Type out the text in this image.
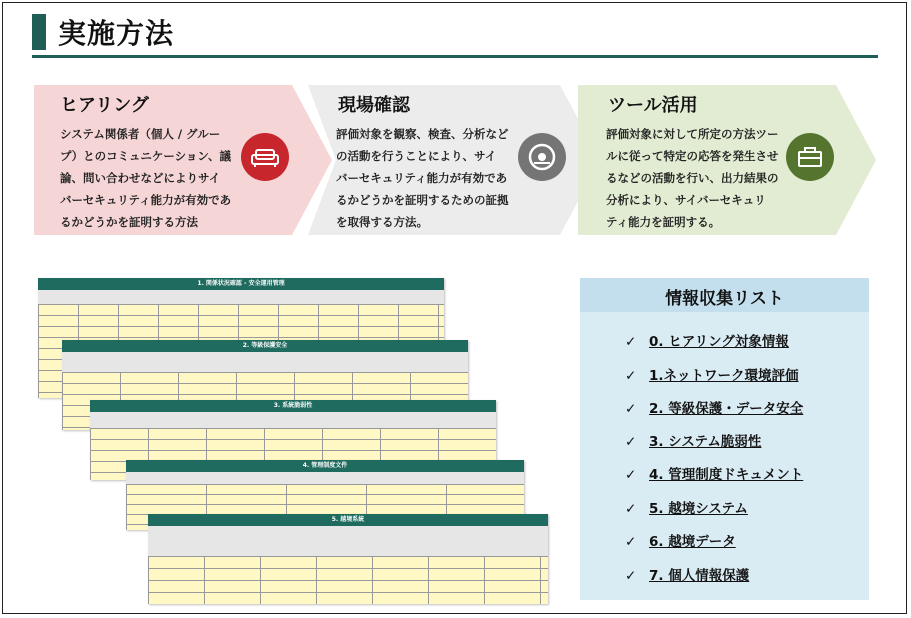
実施方法
ヒアリング

システム関係者（個人 / グルー
プ）とのコミュニケーション、議
論、問い合わせなどによりサイ
バーセキュリティ能力が有効であ
るかどうかを証明する方法

現場確認

評価対象を観察、検査、分析など
の活動を行うことにより、サイ
バーセキュリティ能力が有効であ
るかどうかを証明するための証拠
を取得する方法。

ツール活用

評価対象に対して所定の方法ツー
ルに従って特定の応答を発生させ
るなどの活動を行い、出力結果の
分析により、サイバーセキュリ
ティ能力を証明する。

1. 関係状況確認 ‐ 安全運用管理
2. 等級保護安全
3. 系統脆弱性
4. 管理制度文件
5. 越境系統
情報収集リスト
✓ 0. ヒアリング対象情報
✓ 1.ネットワーク環境評価
✓ 2. 等級保護・データ安全
✓ 3. システム脆弱性
✓ 4. 管理制度ドキュメント
✓ 5. 越境システム
✓ 6. 越境データ
✓ 7. 個人情報保護
